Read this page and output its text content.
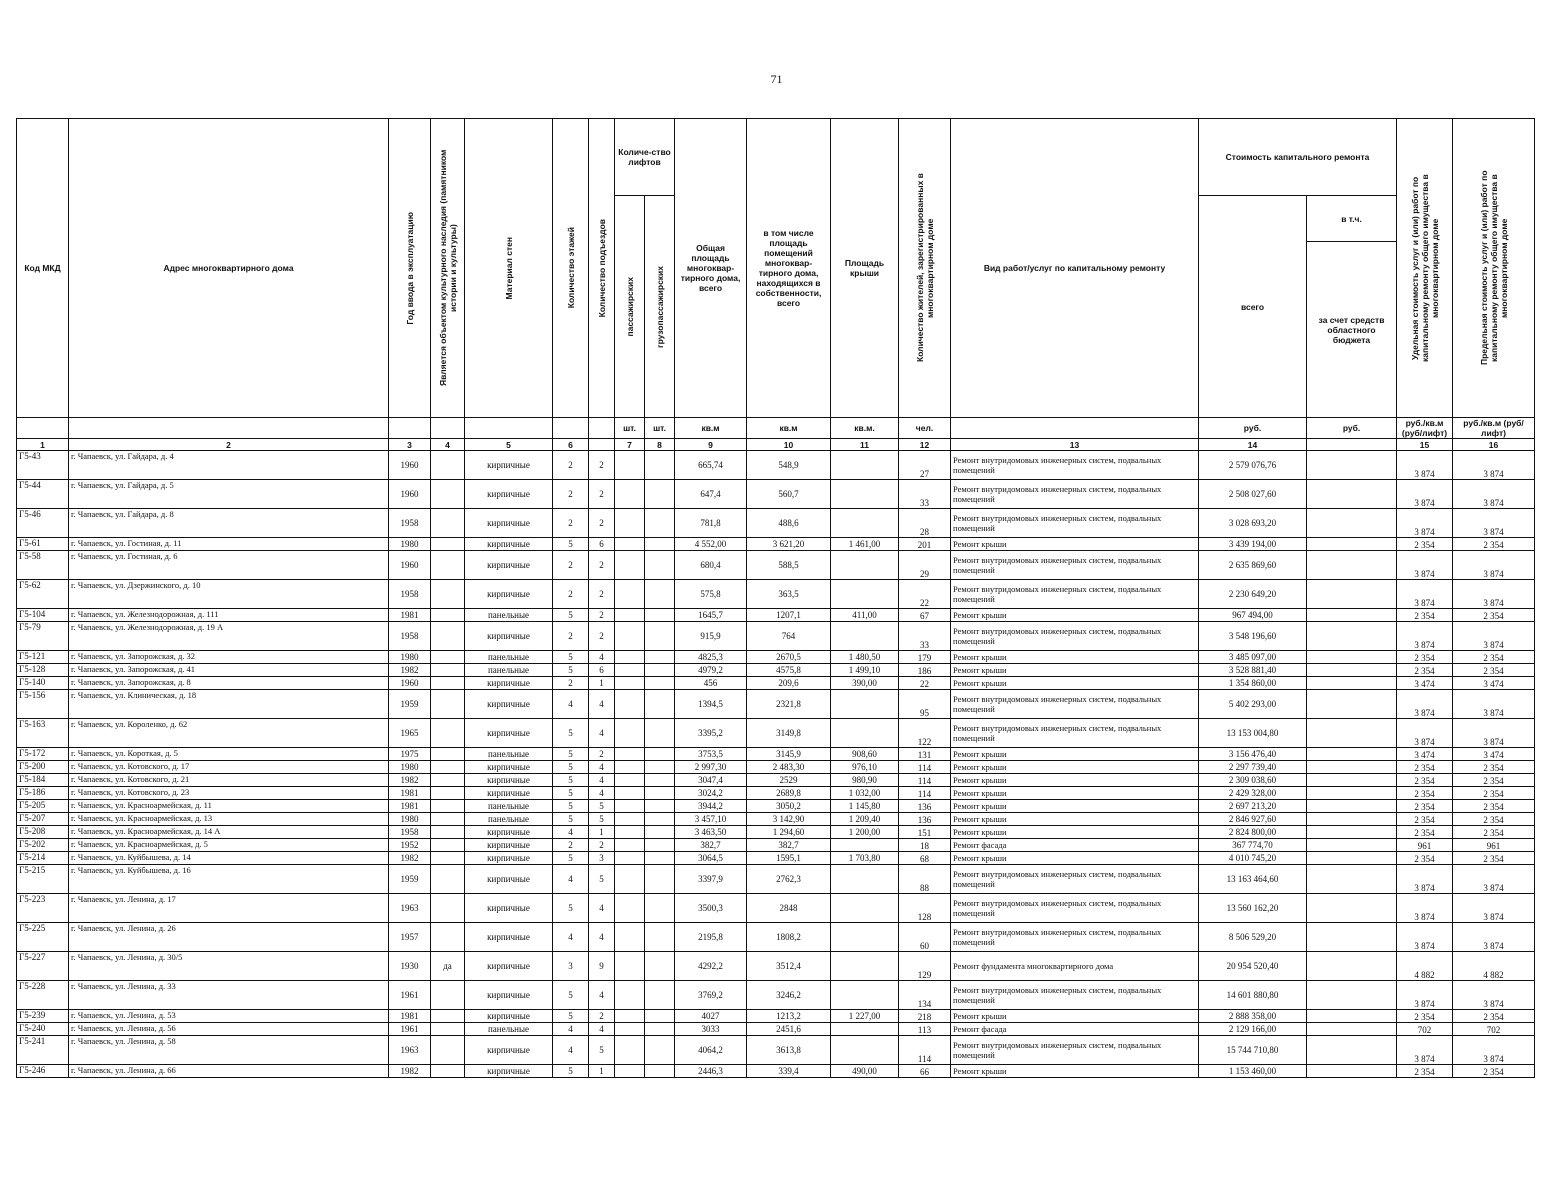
71
Код МКД	Адрес многоквартирного дома	Год ввода в эксплуатацию	Является объектом культурного наследия (памятником истории и культуры)	Материал стен	Количество этажей	Количество подъездов	Количе-ство лифтов		Общая площадь многоквар-тирного дома, всего	в том числе площадь помещений многоквар-тирного дома, находящихся в собственности, всего	Площадь крыши	Количество жителей, зарегистрированных в многоквартирном доме	Вид работ/услуг по капитальному ремонту	Стоимость капитального ремонта		Удельная стоимость услуг и (или) работ по капитальному ремонту общего имущества в многоквартирном доме	Предельная стоимость услуг и (или) работ по капитальному ремонту общего имущества в многоквартирном доме

							пассажирских	грузопассажирских						всего	в т.ч.		
															за счет средств областного бюджета		
							шт.	шт.	кв.м	кв.м	кв.м.	чел.		руб.	руб.	руб./кв.м (руб/лифт)	руб./кв.м (руб/лифт)
1	2	3	4	5	6		7	8	9	10	11	12	13	14		15	16
Г5-43	г. Чапаевск, ул. Гайдара, д. 4	1960		кирпичные	2	2			665,74	548,9		27	Ремонт внутридомовых инженерных систем, подвальных помещений	2 579 076,76		3 874	3 874
Г5-44	г. Чапаевск, ул. Гайдара, д. 5	1960		кирпичные	2	2			647,4	560,7		33	Ремонт внутридомовых инженерных систем, подвальных помещений	2 508 027,60		3 874	3 874
Г5-46	г. Чапаевск, ул. Гайдара, д. 8	1958		кирпичные	2	2			781,8	488,6		28	Ремонт внутридомовых инженерных систем, подвальных помещений	3 028 693,20		3 874	3 874
Г5-61	г. Чапаевск, ул. Гостиная, д. 11	1980		кирпичные	5	6			4 552,00	3 621,20	1 461,00	201	Ремонт крыши	3 439 194,00		2 354	2 354
Г5-58	г. Чапаевск, ул. Гостиная, д. 6	1960		кирпичные	2	2			680,4	588,5		29	Ремонт внутридомовых инженерных систем, подвальных помещений	2 635 869,60		3 874	3 874
Г5-62	г. Чапаевск, ул. Дзержинского, д. 10	1958		кирпичные	2	2			575,8	363,5		22	Ремонт внутридомовых инженерных систем, подвальных помещений	2 230 649,20		3 874	3 874
Г5-104	г. Чапаевск, ул. Железнодорожная, д. 111	1981		панельные	5	2			1645,7	1207,1	411,00	67	Ремонт крыши	967 494,00		2 354	2 354
Г5-79	г. Чапаевск, ул. Железнодорожная, д. 19 А	1958		кирпичные	2	2			915,9	764		33	Ремонт внутридомовых инженерных систем, подвальных помещений	3 548 196,60		3 874	3 874
Г5-121	г. Чапаевск, ул. Запорожская, д. 32	1980		панельные	5	4			4825,3	2670,5	1 480,50	179	Ремонт крыши	3 485 097,00		2 354	2 354
Г5-128	г. Чапаевск, ул. Запорожская, д. 41	1982		панельные	5	6			4979,2	4575,8	1 499,10	186	Ремонт крыши	3 528 881,40		2 354	2 354
Г5-140	г. Чапаевск, ул. Запорожская, д. 8	1960		кирпичные	2	1			456	209,6	390,00	22	Ремонт крыши	1 354 860,00		3 474	3 474
Г5-156	г. Чапаевск, ул. Клиническая, д. 18	1959		кирпичные	4	4			1394,5	2321,8		95	Ремонт внутридомовых инженерных систем, подвальных помещений	5 402 293,00		3 874	3 874
Г5-163	г. Чапаевск, ул. Короленко, д. 62	1965		кирпичные	5	4			3395,2	3149,8		122	Ремонт внутридомовых инженерных систем, подвальных помещений	13 153 004,80		3 874	3 874
Г5-172	г. Чапаевск, ул. Короткая, д. 5	1975		панельные	5	2			3753,5	3145,9	908,60	131	Ремонт крыши	3 156 476,40		3 474	3 474
Г5-200	г. Чапаевск, ул. Котовского, д. 17	1980		кирпичные	5	4			2 997,30	2 483,30	976,10	114	Ремонт крыши	2 297 739,40		2 354	2 354
Г5-184	г. Чапаевск, ул. Котовского, д. 21	1982		кирпичные	5	4			3047,4	2529	980,90	114	Ремонт крыши	2 309 038,60		2 354	2 354
Г5-186	г. Чапаевск, ул. Котовского, д. 23	1981		кирпичные	5	4			3024,2	2689,8	1 032,00	114	Ремонт крыши	2 429 328,00		2 354	2 354
Г5-205	г. Чапаевск, ул. Красноармейская, д. 11	1981		панельные	5	5			3944,2	3050,2	1 145,80	136	Ремонт крыши	2 697 213,20		2 354	2 354
Г5-207	г. Чапаевск, ул. Красноармейская, д. 13	1980		панельные	5	5			3 457,10	3 142,90	1 209,40	136	Ремонт крыши	2 846 927,60		2 354	2 354
Г5-208	г. Чапаевск, ул. Красноармейская, д. 14 А	1958		кирпичные	4	1			3 463,50	1 294,60	1 200,00	151	Ремонт крыши	2 824 800,00		2 354	2 354
Г5-202	г. Чапаевск, ул. Красноармейская, д. 5	1952		кирпичные	2	2			382,7	382,7		18	Ремонт фасада	367 774,70		961	961
Г5-214	г. Чапаевск, ул. Куйбышева, д. 14	1982		кирпичные	5	3			3064,5	1595,1	1 703,80	68	Ремонт крыши	4 010 745,20		2 354	2 354
Г5-215	г. Чапаевск, ул. Куйбышева, д. 16	1959		кирпичные	4	5			3397,9	2762,3		88	Ремонт внутридомовых инженерных систем, подвальных помещений	13 163 464,60		3 874	3 874
Г5-223	г. Чапаевск, ул. Ленина, д. 17	1963		кирпичные	5	4			3500,3	2848		128	Ремонт внутридомовых инженерных систем, подвальных помещений	13 560 162,20		3 874	3 874
Г5-225	г. Чапаевск, ул. Ленина, д. 26	1957		кирпичные	4	4			2195,8	1808,2		60	Ремонт внутридомовых инженерных систем, подвальных помещений	8 506 529,20		3 874	3 874
Г5-227	г. Чапаевск, ул. Ленина, д. 30/5	1930	да	кирпичные	3	9			4292,2	3512,4		129	Ремонт фундамента многоквартирного дома	20 954 520,40		4 882	4 882
Г5-228	г. Чапаевск, ул. Ленина, д. 33	1961		кирпичные	5	4			3769,2	3246,2		134	Ремонт внутридомовых инженерных систем, подвальных помещений	14 601 880,80		3 874	3 874
Г5-239	г. Чапаевск, ул. Ленина, д. 53	1981		кирпичные	5	2			4027	1213,2	1 227,00	218	Ремонт крыши	2 888 358,00		2 354	2 354
Г5-240	г. Чапаевск, ул. Ленина, д. 56	1961		панельные	4	4			3033	2451,6		113	Ремонт фасада	2 129 166,00		702	702
Г5-241	г. Чапаевск, ул. Ленина, д. 58	1963		кирпичные	4	5			4064,2	3613,8		114	Ремонт внутридомовых инженерных систем, подвальных помещений	15 744 710,80		3 874	3 874
Г5-246	г. Чапаевск, ул. Ленина, д. 66	1982		кирпичные	5	1			2446,3	339,4	490,00	66	Ремонт крыши	1 153 460,00		2 354	2 354
